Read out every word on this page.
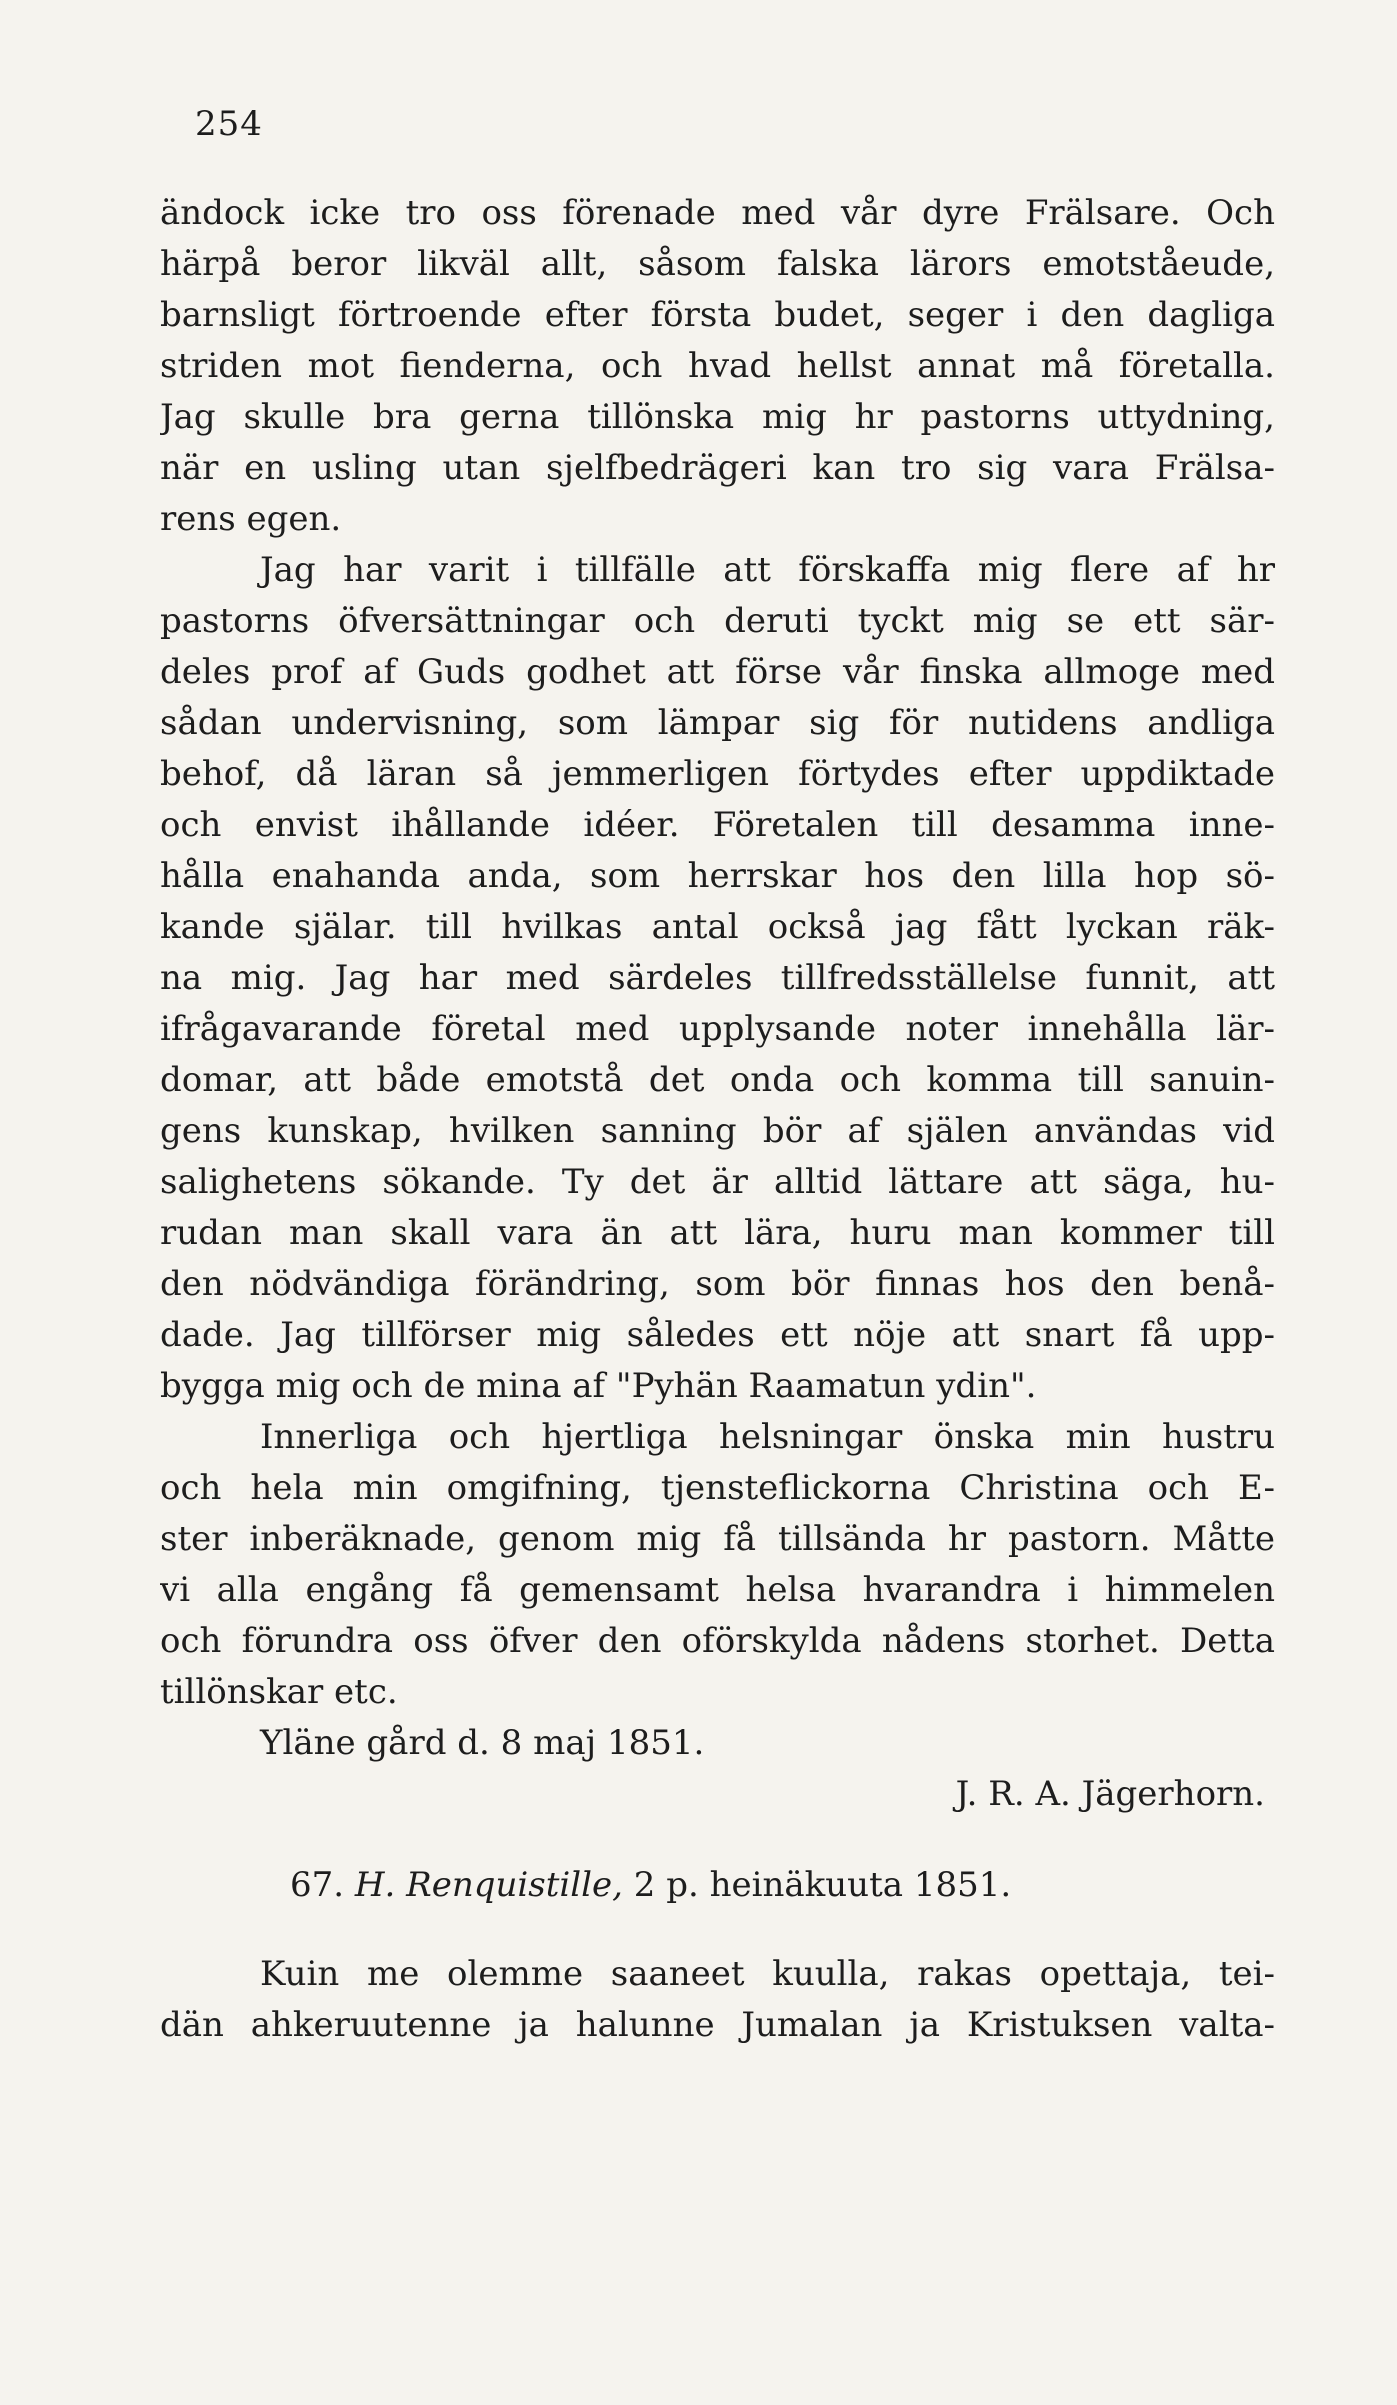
254
ändock icke tro oss förenade med vår dyre Frälsare. Och
härpå beror likväl allt, såsom falska lärors emotståeude,
barnsligt förtroende efter första budet, seger i den dagliga
striden mot fienderna, och hvad hellst annat må företalla.
Jag skulle bra gerna tillönska mig hr pastorns uttydning,
när en usling utan sjelfbedrägeri kan tro sig vara Frälsa-
rens egen.
Jag har varit i tillfälle att förskaffa mig flere af hr
pastorns öfversättningar och deruti tyckt mig se ett sär-
deles prof af Guds godhet att förse vår finska allmoge med
sådan undervisning, som lämpar sig för nutidens andliga
behof, då läran så jemmerligen förtydes efter uppdiktade
och envist ihållande idéer. Företalen till desamma inne-
hålla enahanda anda, som herrskar hos den lilla hop sö-
kande själar. till hvilkas antal också jag fått lyckan räk-
na mig. Jag har med särdeles tillfredsställelse funnit, att
ifrågavarande företal med upplysande noter innehålla lär-
domar, att både emotstå det onda och komma till sanuin-
gens kunskap, hvilken sanning bör af själen användas vid
salighetens sökande. Ty det är alltid lättare att säga, hu-
rudan man skall vara än att lära, huru man kommer till
den nödvändiga förändring, som bör finnas hos den benå-
dade. Jag tillförser mig således ett nöje att snart få upp-
bygga mig och de mina af "Pyhän Raamatun ydin".
Innerliga och hjertliga helsningar önska min hustru
och hela min omgifning, tjensteflickorna Christina och E-
ster inberäknade, genom mig få tillsända hr pastorn. Måtte
vi alla engång få gemensamt helsa hvarandra i himmelen
och förundra oss öfver den oförskylda nådens storhet. Detta
tillönskar etc.
Yläne gård d. 8 maj 1851.
J. R. A. Jägerhorn.
67. H. Renquistille, 2 p. heinäkuuta 1851.
Kuin me olemme saaneet kuulla, rakas opettaja, tei-
dän ahkeruutenne ja halunne Jumalan ja Kristuksen valta-
